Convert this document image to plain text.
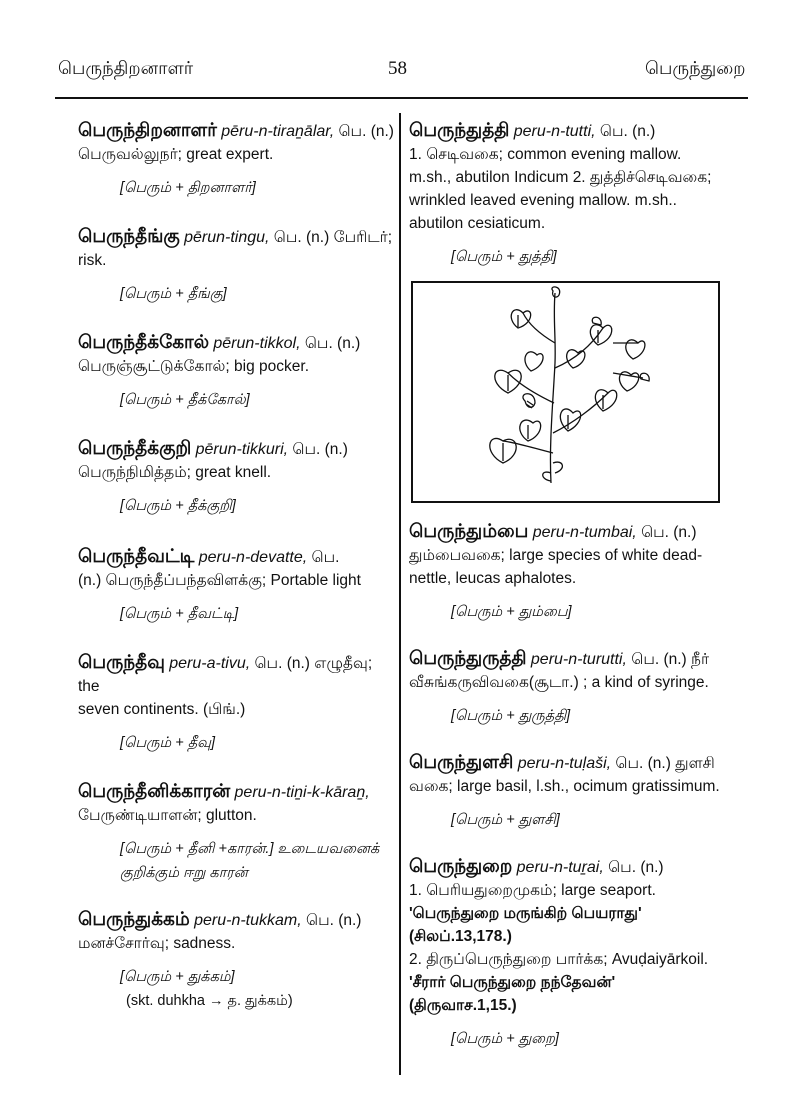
பெருந்திறனாளர்	58	பெருந்துறை
பெருந்திறனாளர் pēru-n-tiraṉālar, பெ. (n.)
பெருவல்லுநர்; great expert.
[பெரும் + திறனாளர்]
பெருந்தீங்கு pērun-tingu, பெ. (n.) பேரிடர்;
risk.
[பெரும் + தீங்கு]
பெருந்தீக்கோல் pērun-tikkol, பெ. (n.)
பெருஞ்சூட்டுக்கோல்; big pocker.
[பெரும் + தீக்கோல்]
பெருந்தீக்குறி pērun-tikkuri, பெ. (n.)
பெருந்நிமித்தம்; great knell.
[பெரும் + தீக்குறி]
பெருந்தீவட்டி peru-n-devatte, பெ.
(n.) பெருந்தீப்பந்தவிளக்கு; Portable light
[பெரும் + தீவட்டி]
பெருந்தீவு peru-a-tivu, பெ. (n.) எழுதீவு; the
seven continents. (பிங்.)
[பெரும் + தீவு]
பெருந்தீனிக்காரன் peru-n-tiṉi-k-kāraṉ,
பேருண்டியாளன்; glutton.
[பெரும் + தீனி +காரன்.] உடையவனைக் குறிக்கும் ஈறு காரன்
பெருந்துக்கம் peru-n-tukkam, பெ. (n.)
மனச்சோர்வு; sadness.
[பெரும் + துக்கம்]
(skt. duhkha → த. துக்கம்)
பெருந்துத்தி peru-n-tutti, பெ. (n.)
1. செடிவகை; common evening mallow.
m.sh., abutilon Indicum 2. துத்திச்செடிவகை;
wrinkled leaved evening mallow. m.sh..
abutilon cesiaticum.
[பெரும் + துத்தி]
பெருந்தும்பை peru-n-tumbai, பெ. (n.)
தும்பைவகை; large species of white dead-
nettle, leucas aphalotes.
[பெரும் + தும்பை]
பெருந்துருத்தி peru-n-turutti, பெ. (n.) நீர்
வீசுங்கருவிவகை(சூடா.) ; a kind of syringe.
[பெரும் + துருத்தி]
பெருந்துளசி peru-n-tuḷaši, பெ. (n.) துளசி
வகை; large basil, l.sh., ocimum gratissimum.
[பெரும் + துளசி]
பெருந்துறை peru-n-tuṟai, பெ. (n.)
1. பெரியதுறைமுகம்; large seaport.
'பெருந்துறை மருங்கிற் பெயராது' (சிலப்.13,178.)
2. திருப்பெருந்துறை பார்க்க; Avuḍaiyārkoil.
'சீரார் பெருந்துறை நந்தேவன்' (திருவாச.1,15.)
[பெரும் + துறை]
